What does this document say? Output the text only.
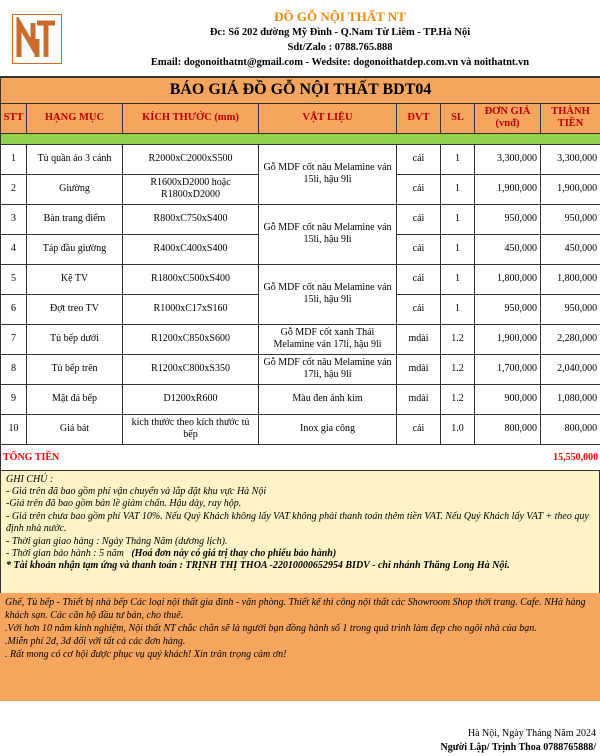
ĐỒ GỖ NỘI THẤT NT
Đc: Số 202 đường Mỹ Đình - Q.Nam Từ Liêm - TP.Hà Nội
Sdt/Zalo : 0788.765.888
Email: dogonoithatnt@gmail.com - Wedsite: dogonoithatdep.com.vn và noithatnt.vn
BÁO GIÁ ĐỒ GỖ NỘI THẤT BDT04							
STT	HẠNG MỤC	KÍCH THƯỚC (mm)	VẬT LIỆU	ĐVT	SL	ĐƠN GIÁ (vnđ)	THÀNH TIỀN

1	Tủ quần áo 3 cánh	R2000xC2000xS500	Gỗ MDF cốt nâu Melamine ván 15li, hậu 9li	cái	1	3,300,000	3,300,000
2	Giường	R1600xD2000 hoặc R1800xD2000		cái	1	1,900,000	1,900,000
3	Bàn trang điểm	R800xC750xS400	Gỗ MDF cốt nâu Melamine ván 15li, hậu 9li	cái	1	950,000	950,000
4	Táp đầu giường	R400xC400xS400		cái	1	450,000	450,000
5	Kệ TV	R1800xC500xS400	Gỗ MDF cốt nâu Melamine ván 15li, hậu 9li	cái	1	1,800,000	1,800,000
6	Đợt treo TV	R1000xC17xS160		cái	1	950,000	950,000
7	Tủ bếp dưới	R1200xC850xS600	Gỗ MDF cốt xanh Thái Melamine ván 17li, hậu 9li	mdài	1.2	1,900,000	2,280,000
8	Tủ bếp trên	R1200xC800xS350	Gỗ MDF cốt nâu Melamine ván 17li, hậu 9li	mdài	1.2	1,700,000	2,040,000
9	Mặt đá bếp	D1200xR600	Màu đen ánh kim	mdài	1.2	900,000	1,080,000
10	Giá bát	kích thước theo kích thước tủ bếp	Inox gia công	cái	1.0	800,000	800,000
TỔNG TIỀN						15,550,000	
GHI CHÚ :
- Giá trên đã bao gồm phí vận chuyển và lắp đặt khu vực Hà Nội
-Giá trên đã bao gồm bản lề giảm chấn. Hậu dày, ray hộp.
- Giá trên chưa bao gồm phí VAT 10%. Nếu Quý Khách không lấy VAT không phải thanh toán thêm tiền VAT. Nếu Quý Khách lấy VAT + theo quy định nhà nước.
- Thời gian giao hàng : Ngày Tháng Năm (dương lịch).
- Thời gian bảo hành : 5 năm (Hoá đơn này có giá trị thay cho phiếu bảo hành)
* Tài khoản nhận tạm ứng và thanh toán : TRỊNH THỊ THOA -22010000652954 BIDV - chi nhánh Thăng Long Hà Nội.
Ghế, Tủ bếp - Thiết bị nhà bếp Các loại nội thất gia đình - văn phòng. Thiết kế thi công nội thất các Showroom Shop thời trang. Cafe. NHà hàng khách sạn. Các căn hộ đầu tư bán, cho thuê.
.Với hơn 10 năm kinh nghiệm, Nội thất NT chắc chắn sẽ là người bạn đồng hành số 1 trong quá trình làm đẹp cho ngôi nhà của bạn.
.Miễn phí 2d, 3d đối với tất cả các đơn hàng.
. Rất mong có cơ hội được phục vụ quý khách! Xin trân trọng cảm ơn!
Hà Nội, Ngày Tháng Năm 2024
Người Lập/ Trịnh Thoa 0788765888/
